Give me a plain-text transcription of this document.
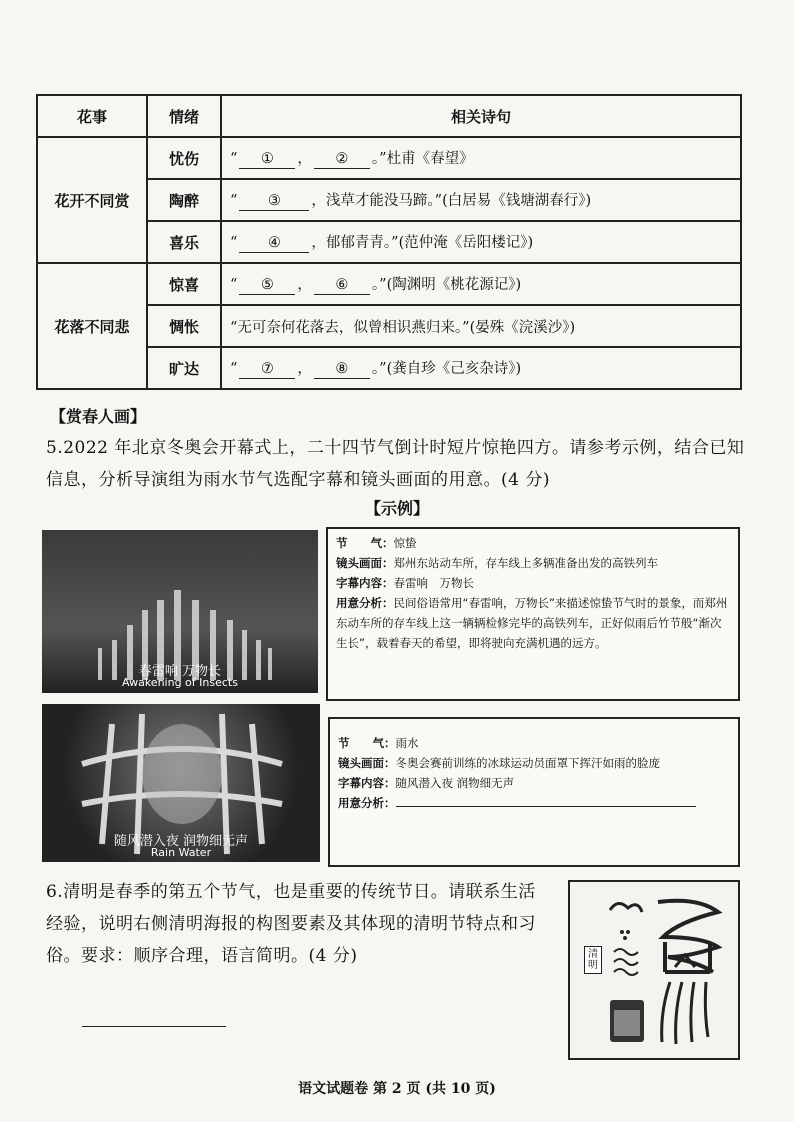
花事	情绪	相关诗句
花开不同赏	忧伤	“ ① ， ② 。”杜甫《春望》
	陶醉	“ ③ ，浅草才能没马蹄。”(白居易《钱塘湖春行》)
	喜乐	“ ④ ，郁郁青青。”(范仲淹《岳阳楼记》)
花落不同悲	惊喜	“ ⑤ ， ⑥ 。”(陶渊明《桃花源记》)
	惆怅	“无可奈何花落去，似曾相识燕归来。”(晏殊《浣溪沙》)
	旷达	“ ⑦ ， ⑧ 。”(龚自珍《己亥杂诗》)
【赏春人画】
5.2022 年北京冬奥会开幕式上，二十四节气倒计时短片惊艳四方。请参考示例，结合已知信息，分析导演组为雨水节气选配字幕和镜头画面的用意。(4 分)
【示例】
春雷响 万物长
Awakening of Insects
节　　气：惊蛰
镜头画面：郑州东站动车所，存车线上多辆准备出发的高铁列车
字幕内容：春雷响　万物长
用意分析：民间俗语常用“春雷响，万物长”来描述惊蛰节气时的景象，而郑州东动车所的存车线上这一辆辆检修完毕的高铁列车，正好似雨后竹节般“渐次生长”，载着春天的希望，即将驶向充满机遇的远方。
随风潜入夜 润物细无声
Rain Water
节　　气：雨水
镜头画面：冬奥会赛前训练的冰球运动员面罩下挥汗如雨的脸庞
字幕内容：随风潜入夜 润物细无声
用意分析：
6.清明是春季的第五个节气，也是重要的传统节日。请联系生活经验，说明右侧清明海报的构图要素及其体现的清明节特点和习俗。要求：顺序合理，语言简明。(4 分)	清明
语文试题卷 第 2 页 (共 10 页)
